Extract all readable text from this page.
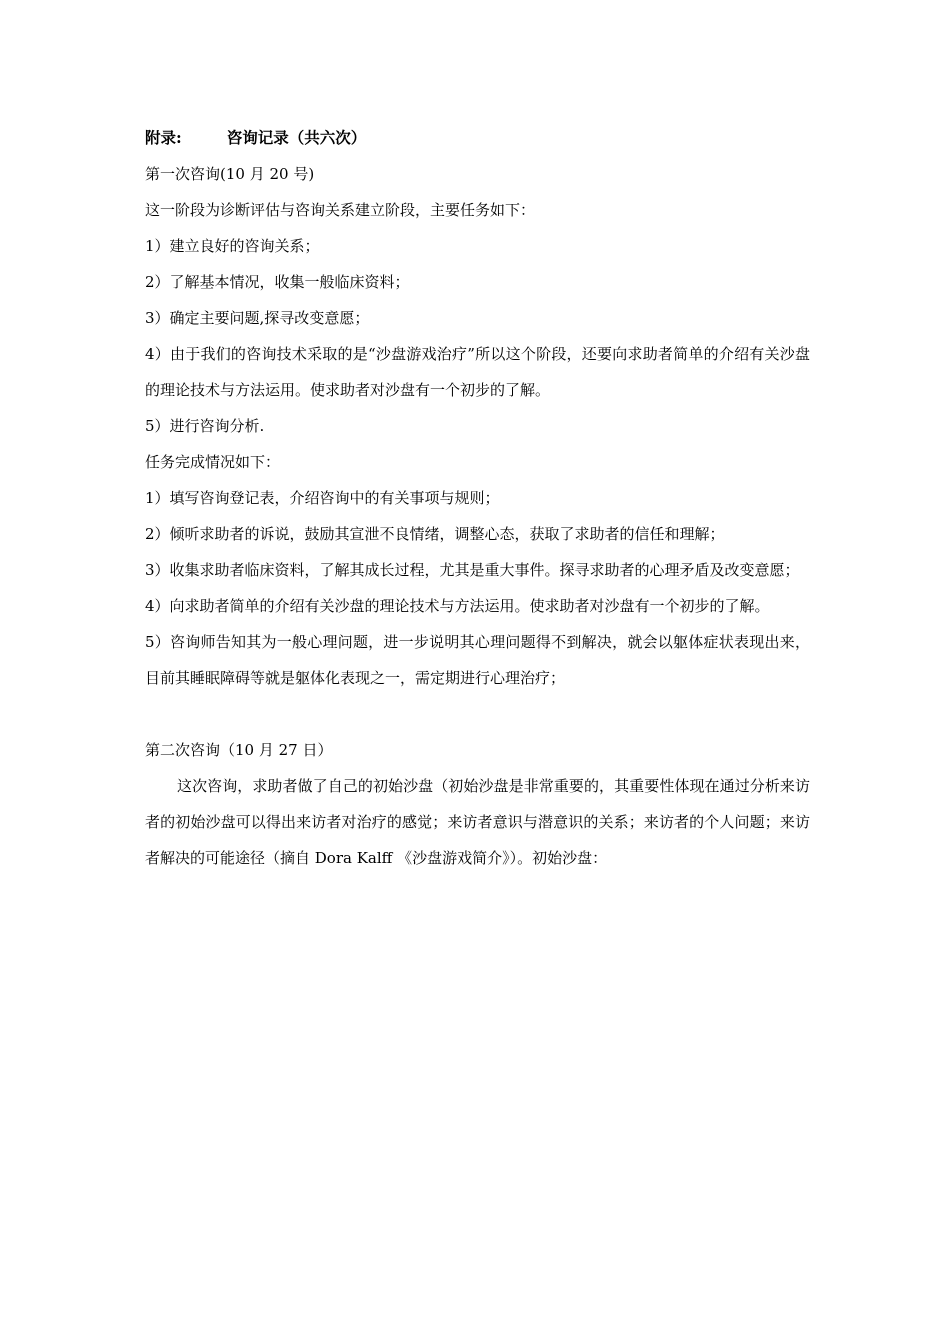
附录:	咨询记录（共六次）
第一次咨询(10 月 20 号)
这一阶段为诊断评估与咨询关系建立阶段，主要任务如下：
1）建立良好的咨询关系；
2）了解基本情况，收集一般临床资料；
3）确定主要问题,探寻改变意愿；
4）由于我们的咨询技术采取的是“沙盘游戏治疗”所以这个阶段，还要向求助者简单的介绍有关沙盘的理论技术与方法运用。使求助者对沙盘有一个初步的了解。
5）进行咨询分析.
任务完成情况如下：
1）填写咨询登记表，介绍咨询中的有关事项与规则；
2）倾听求助者的诉说，鼓励其宣泄不良情绪，调整心态，获取了求助者的信任和理解；
3）收集求助者临床资料，了解其成长过程，尤其是重大事件。探寻求助者的心理矛盾及改变意愿；
4）向求助者简单的介绍有关沙盘的理论技术与方法运用。使求助者对沙盘有一个初步的了解。
5）咨询师告知其为一般心理问题，进一步说明其心理问题得不到解决，就会以躯体症状表现出来，目前其睡眠障碍等就是躯体化表现之一，需定期进行心理治疗；
第二次咨询（10 月 27 日）
这次咨询，求助者做了自己的初始沙盘（初始沙盘是非常重要的，其重要性体现在通过分析来访者的初始沙盘可以得出来访者对治疗的感觉；来访者意识与潜意识的关系；来访者的个人问题；来访者解决的可能途径（摘自 Dora Kalff 《沙盘游戏简介》）。初始沙盘：
